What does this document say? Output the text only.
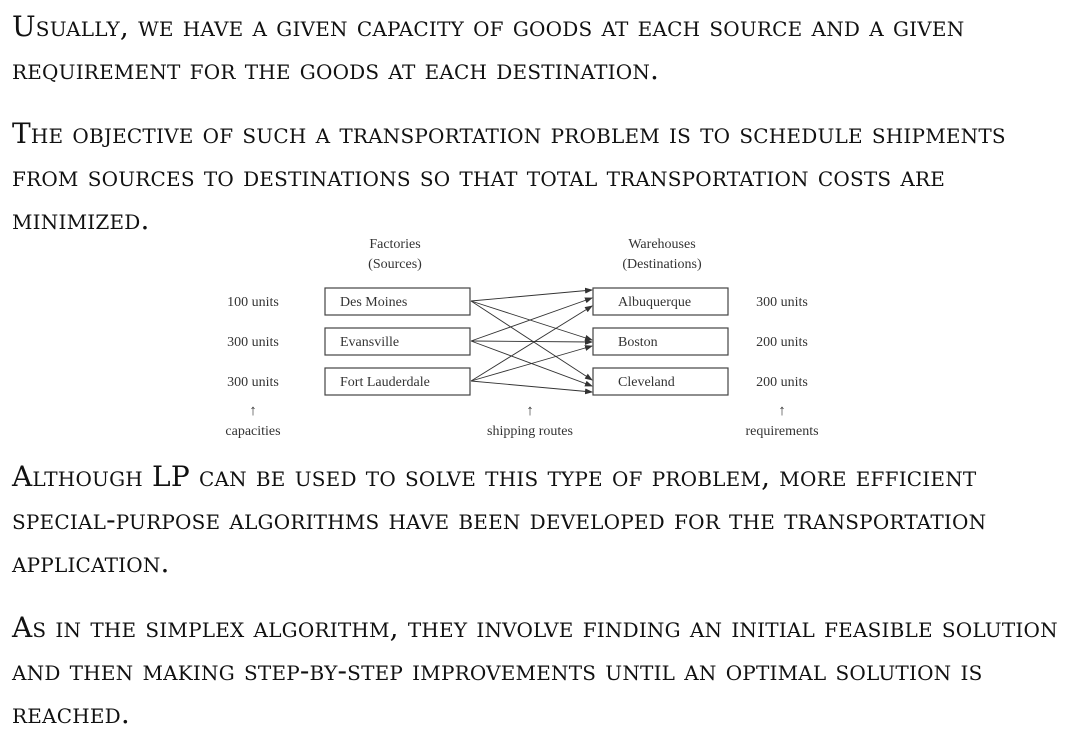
Usually, we have a given capacity of goods at each source and a given requirement for the goods at each destination.

The objective of such a transportation problem is to schedule shipments from sources to destinations so that total transportation costs are minimized.

Factories
(Sources)
Warehouses
(Destinations)
100 units
300 units
300 units
Des Moines
Evansville
Fort Lauderdale
Albuquerque
Boston
Cleveland
300 units
200 units
200 units
↑	↑	↑
capacities	shipping routes	requirements

Although LP can be used to solve this type of problem, more efficient special-purpose algorithms have been developed for the transportation application.

As in the simplex algorithm, they involve finding an initial feasible solution and then making step-by-step improvements until an optimal solution is reached.
